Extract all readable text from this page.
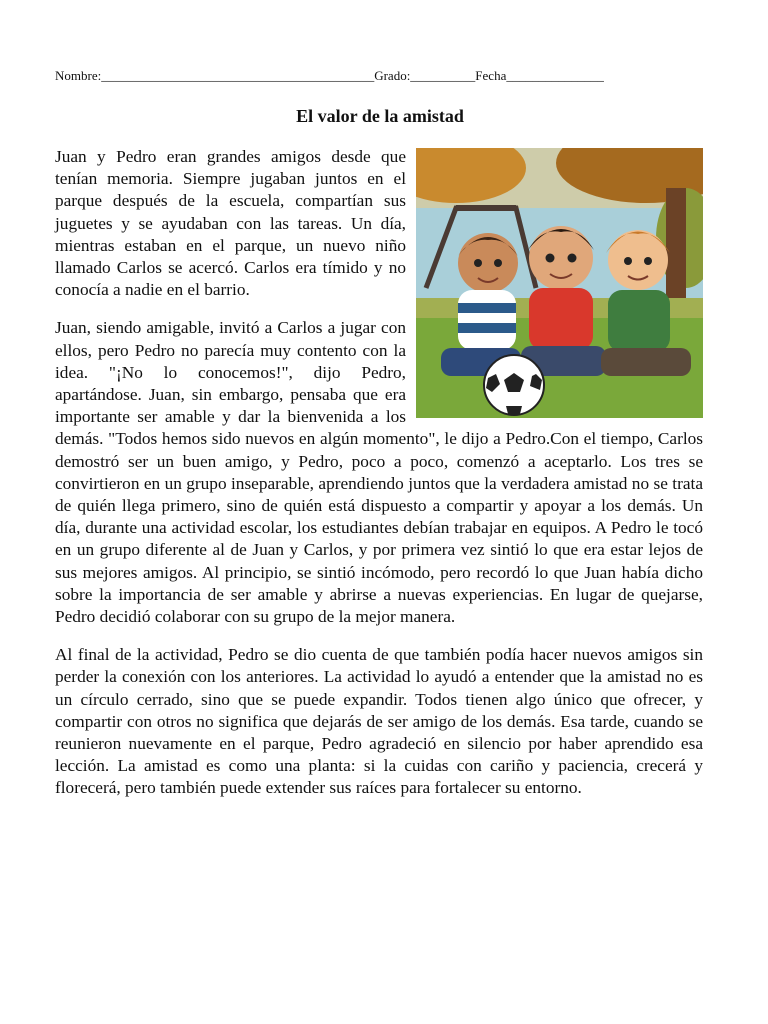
Nombre:__________________________________________Grado:__________Fecha_______________
El valor de la amistad

Juan y Pedro eran grandes amigos desde que tenían memoria. Siempre jugaban juntos en el parque después de la escuela, compartían sus juguetes y se ayudaban con las tareas. Un día, mientras estaban en el parque, un nuevo niño llamado Carlos se acercó. Carlos era tímido y no conocía a nadie en el barrio.

Juan, siendo amigable, invitó a Carlos a jugar con ellos, pero Pedro no parecía muy contento con la idea. "¡No lo conocemos!", dijo Pedro, apartándose. Juan, sin embargo, pensaba que era importante ser amable y dar la bienvenida a los demás. "Todos hemos sido nuevos en algún momento", le dijo a Pedro.Con el tiempo, Carlos demostró ser un buen amigo, y Pedro, poco a poco, comenzó a aceptarlo. Los tres se convirtieron en un grupo inseparable, aprendiendo juntos que la verdadera amistad no se trata de quién llega primero, sino de quién está dispuesto a compartir y apoyar a los demás. Un día, durante una actividad escolar, los estudiantes debían trabajar en equipos. A Pedro le tocó en un grupo diferente al de Juan y Carlos, y por primera vez sintió lo que era estar lejos de sus mejores amigos. Al principio, se sintió incómodo, pero recordó lo que Juan había dicho sobre la importancia de ser amable y abrirse a nuevas experiencias. En lugar de quejarse, Pedro decidió colaborar con su grupo de la mejor manera.

Al final de la actividad, Pedro se dio cuenta de que también podía hacer nuevos amigos sin perder la conexión con los anteriores. La actividad lo ayudó a entender que la amistad no es un círculo cerrado, sino que se puede expandir. Todos tienen algo único que ofrecer, y compartir con otros no significa que dejarás de ser amigo de los demás. Esa tarde, cuando se reunieron nuevamente en el parque, Pedro agradeció en silencio por haber aprendido esa lección. La amistad es como una planta: si la cuidas con cariño y paciencia, crecerá y florecerá, pero también puede extender sus raíces para fortalecer su entorno.
